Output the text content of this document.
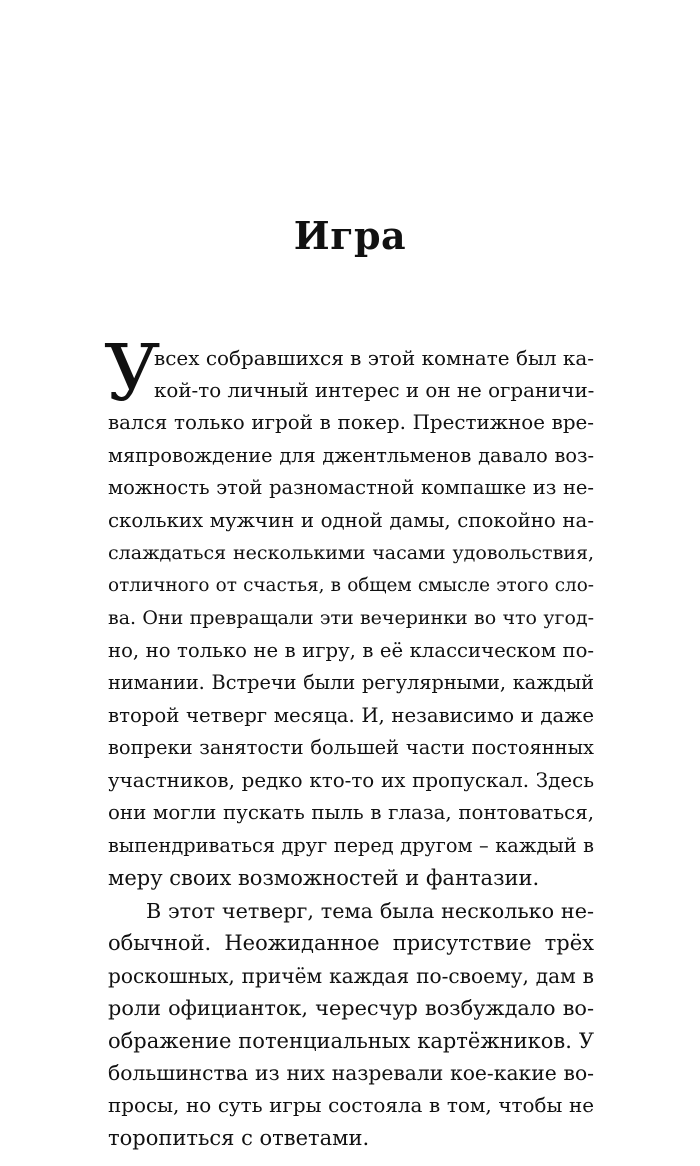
Игра
У
всех собравшихся в этой комнате был ка-
кой-то личный интерес и он не ограничи-
вался только игрой в покер. Престижное вре-
мяпровождение для джентльменов давало воз-
можность этой разномастной компашке из не-
скольких мужчин и одной дамы, спокойно на-
слаждаться несколькими часами удовольствия,
отличного от счастья, в общем смысле этого сло-
ва. Они превращали эти вечеринки во что угод-
но, но только не в игру, в её классическом по-
нимании. Встречи были регулярными, каждый
второй четверг месяца. И, независимо и даже
вопреки занятости большей части постоянных
участников, редко кто-то их пропускал. Здесь
они могли пускать пыль в глаза, понтоваться,
выпендриваться друг перед другом – каждый в
меру своих возможностей и фантазии.
В этот четверг, тема была несколько не-
обычной. Неожиданное присутствие трёх
роскошных, причём каждая по-своему, дам в
роли официанток, чересчур возбуждало во-
ображение потенциальных картёжников. У
большинства из них назревали кое-какие во-
просы, но суть игры состояла в том, чтобы не
торопиться с ответами.
